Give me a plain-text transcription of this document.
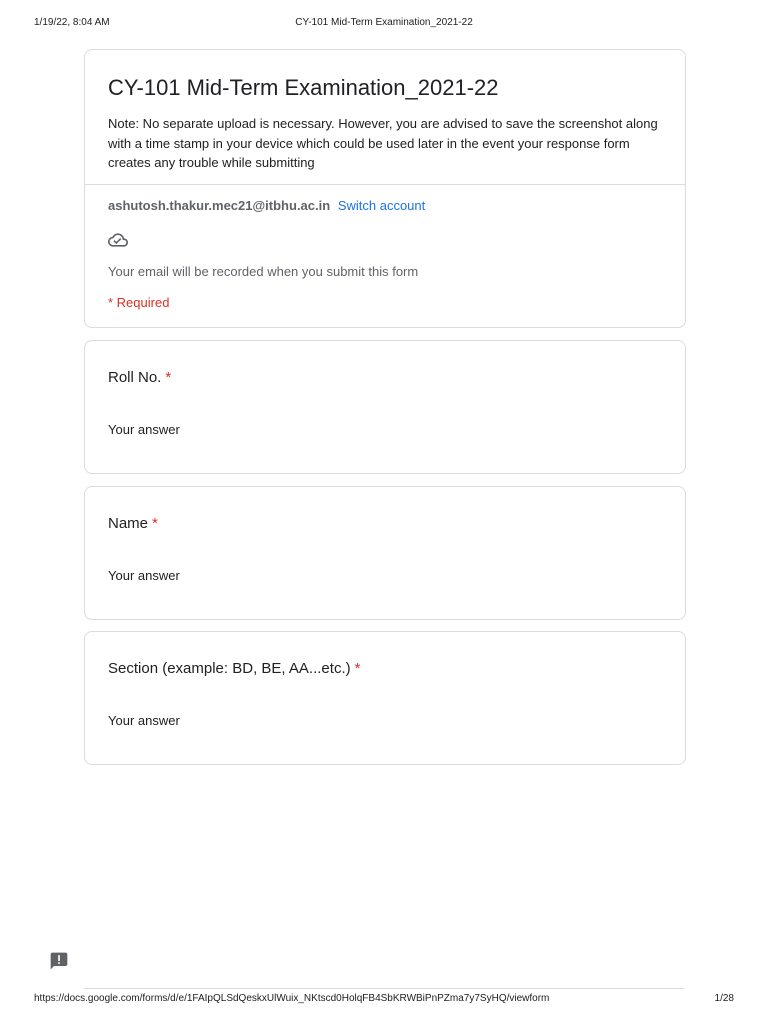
1/19/22, 8:04 AM	CY-101 Mid-Term Examination_2021-22
CY-101 Mid-Term Examination_2021-22
Note: No separate upload is necessary. However, you are advised to save the screenshot along with a time stamp in your device which could be used later in the event your response form creates any trouble while submitting
ashutosh.thakur.mec21@itbhu.ac.in Switch account
Your email will be recorded when you submit this form
* Required
Roll No. *
Your answer
Name *
Your answer
Section (example: BD, BE, AA...etc.) *
Your answer
https://docs.google.com/forms/d/e/1FAIpQLSdQeskxUlWuix_NKtscd0HolqFB4SbKRWBiPnPZma7y7SyHQ/viewform	1/28
